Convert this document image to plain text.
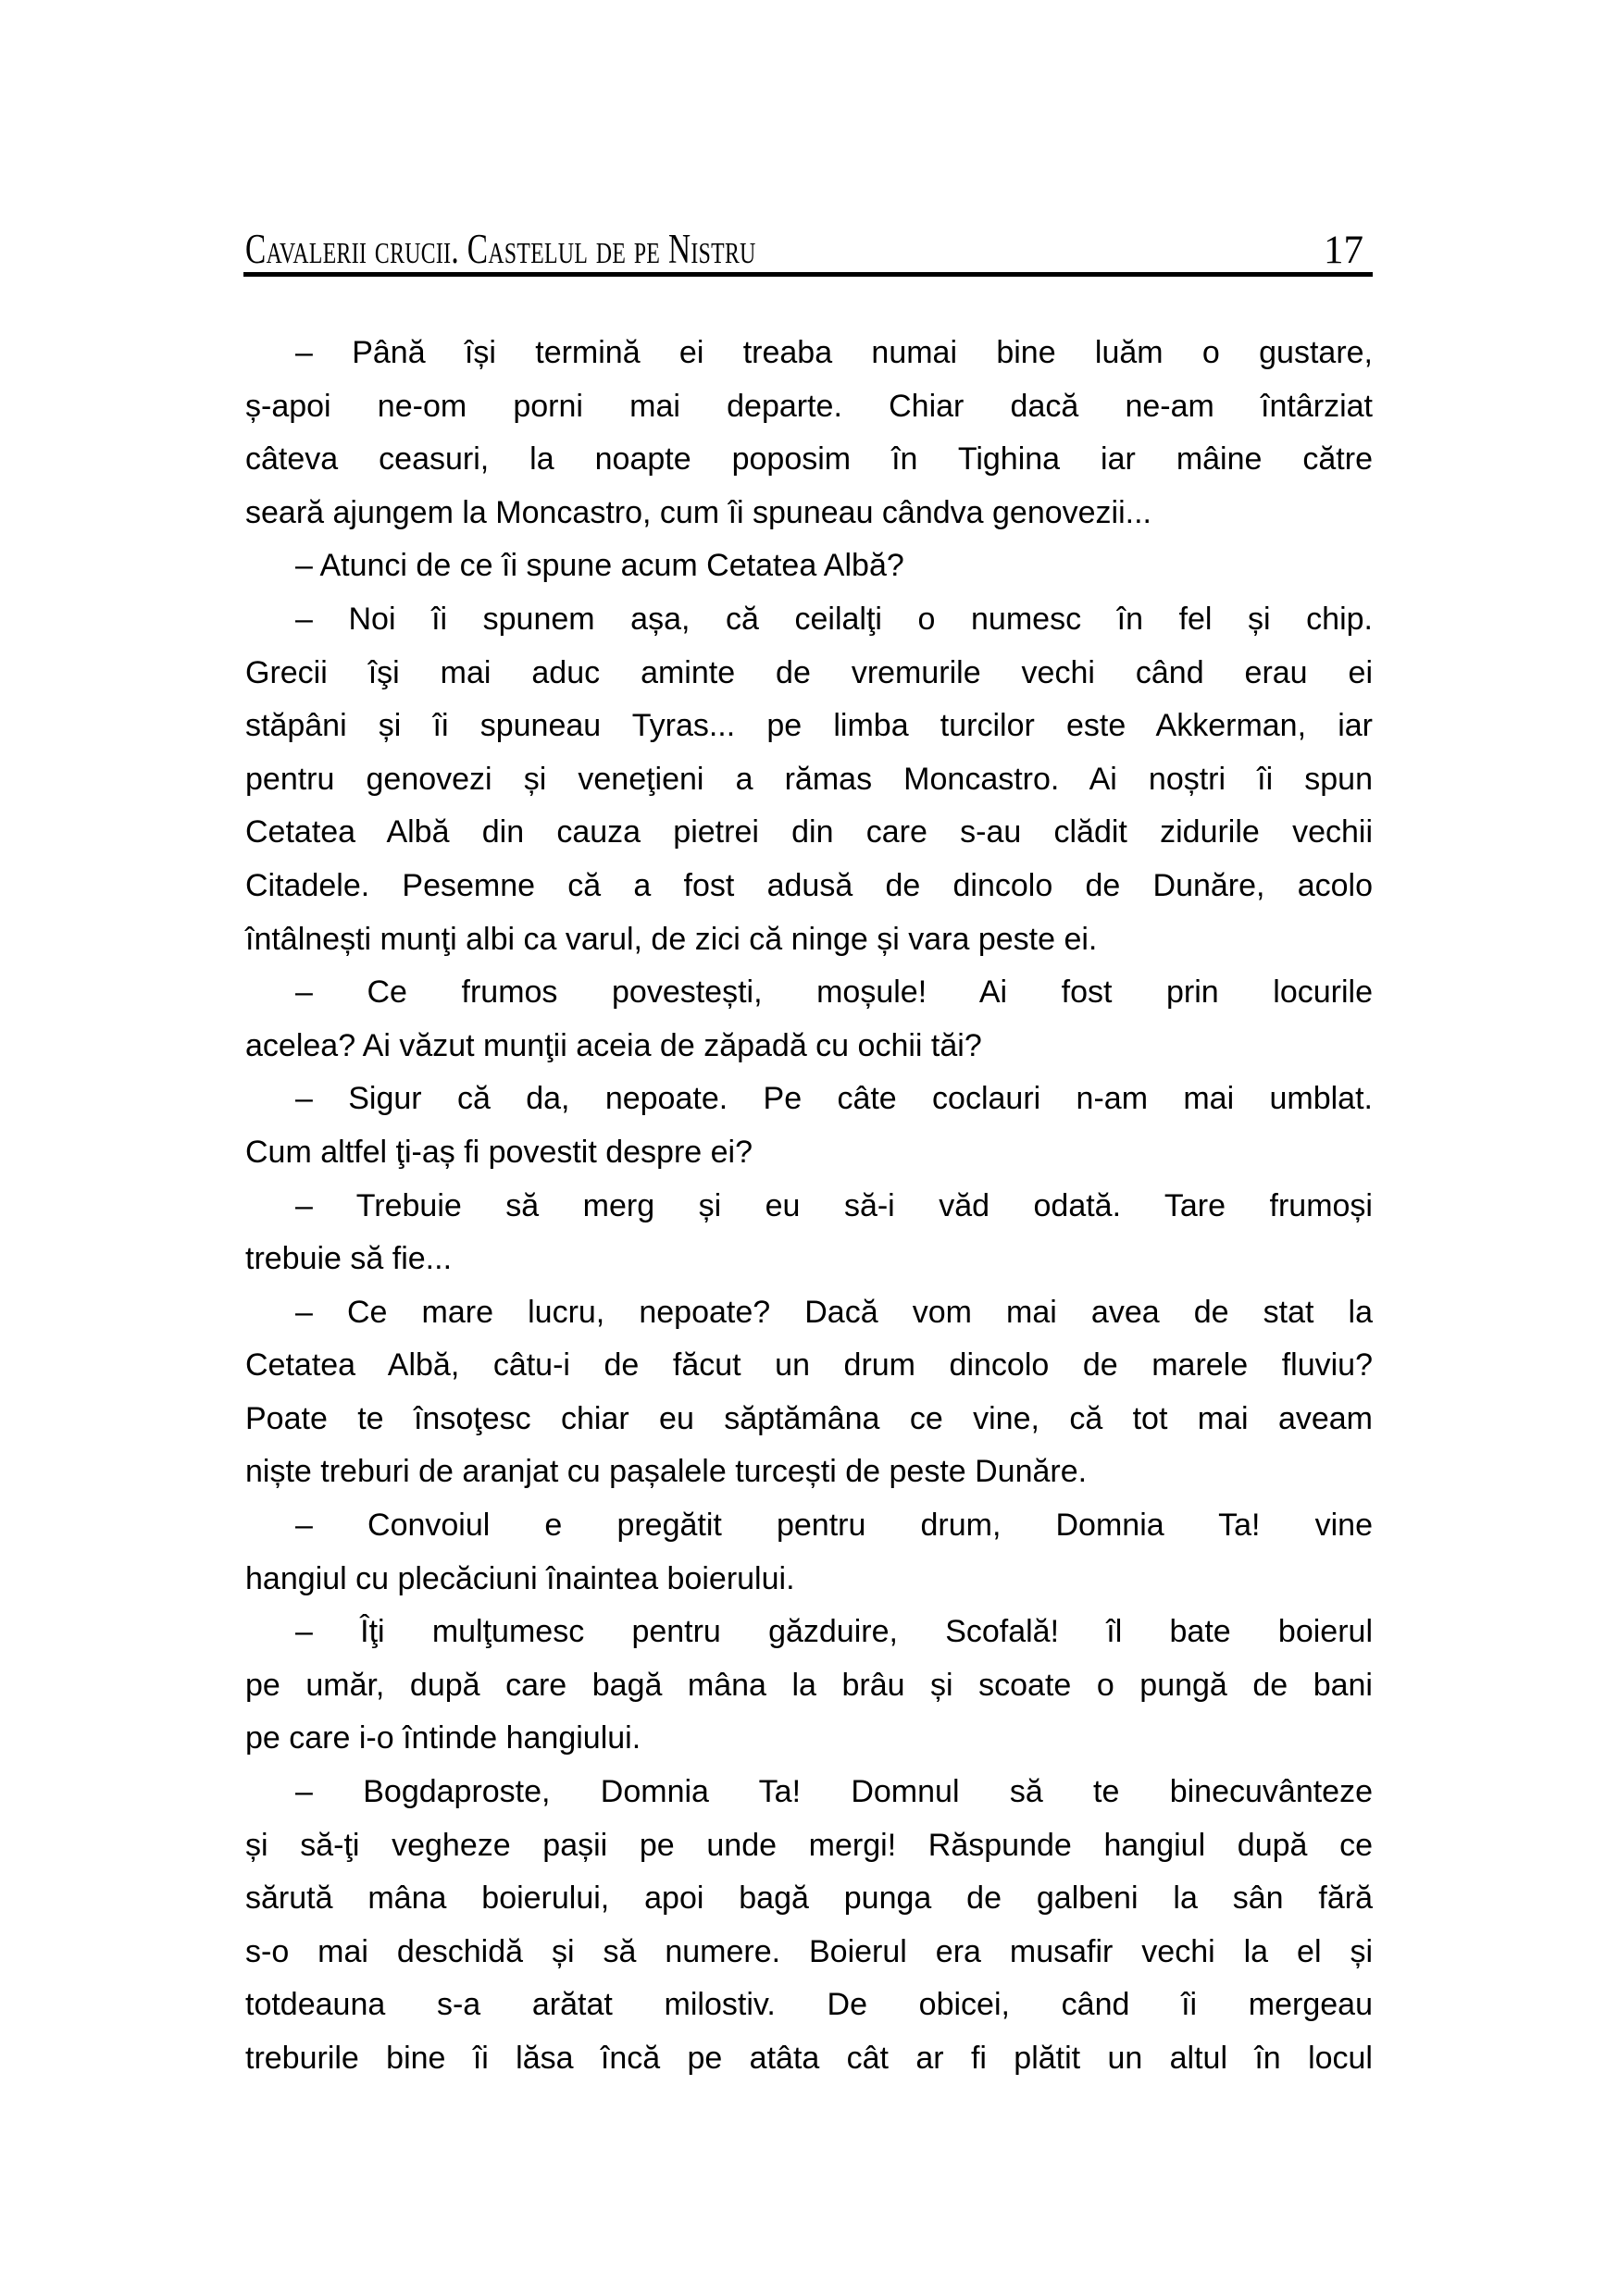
Cavalerii crucii. Castelul de pe Nistru	17
– Până își termină ei treaba numai bine luăm o gustare,
ș-apoi ne-om porni mai departe. Chiar dacă ne-am întârziat
câteva ceasuri, la noapte poposim în Tighina iar mâine către
seară ajungem la Moncastro, cum îi spuneau cândva genovezii...
– Atunci de ce îi spune acum Cetatea Albă?
– Noi îi spunem așa, că ceilalţi o numesc în fel și chip.
Grecii îşi mai aduc aminte de vremurile vechi când erau ei
stăpâni și îi spuneau Tyras... pe limba turcilor este Akkerman, iar
pentru genovezi și veneţieni a rămas Moncastro. Ai noștri îi spun
Cetatea Albă din cauza pietrei din care s-au clădit zidurile vechii
Citadele. Pesemne că a fost adusă de dincolo de Dunăre, acolo
întâlnești munţi albi ca varul, de zici că ninge și vara peste ei.
– Ce frumos povestești, moșule! Ai fost prin locurile
acelea? Ai văzut munţii aceia de zăpadă cu ochii tăi?
– Sigur că da, nepoate. Pe câte coclauri n-am mai umblat.
Cum altfel ţi-aș fi povestit despre ei?
– Trebuie să merg și eu să-i văd odată. Tare frumoși
trebuie să fie...
– Ce mare lucru, nepoate? Dacă vom mai avea de stat la
Cetatea Albă, câtu-i de făcut un drum dincolo de marele fluviu?
Poate te însoţesc chiar eu săptămâna ce vine, că tot mai aveam
niște treburi de aranjat cu pașalele turcești de peste Dunăre.
– Convoiul e pregătit pentru drum, Domnia Ta! vine
hangiul cu plecăciuni înaintea boierului.
– Îţi mulţumesc pentru găzduire, Scofală! îl bate boierul
pe umăr, după care bagă mâna la brâu și scoate o pungă de bani
pe care i-o întinde hangiului.
– Bogdaproste, Domnia Ta! Domnul să te binecuvânteze
și să-ţi vegheze pașii pe unde mergi! Răspunde hangiul după ce
sărută mâna boierului, apoi bagă punga de galbeni la sân fără
s-o mai deschidă și să numere. Boierul era musafir vechi la el și
totdeauna s-a arătat milostiv. De obicei, când îi mergeau
treburile bine îi lăsa încă pe atâta cât ar fi plătit un altul în locul
